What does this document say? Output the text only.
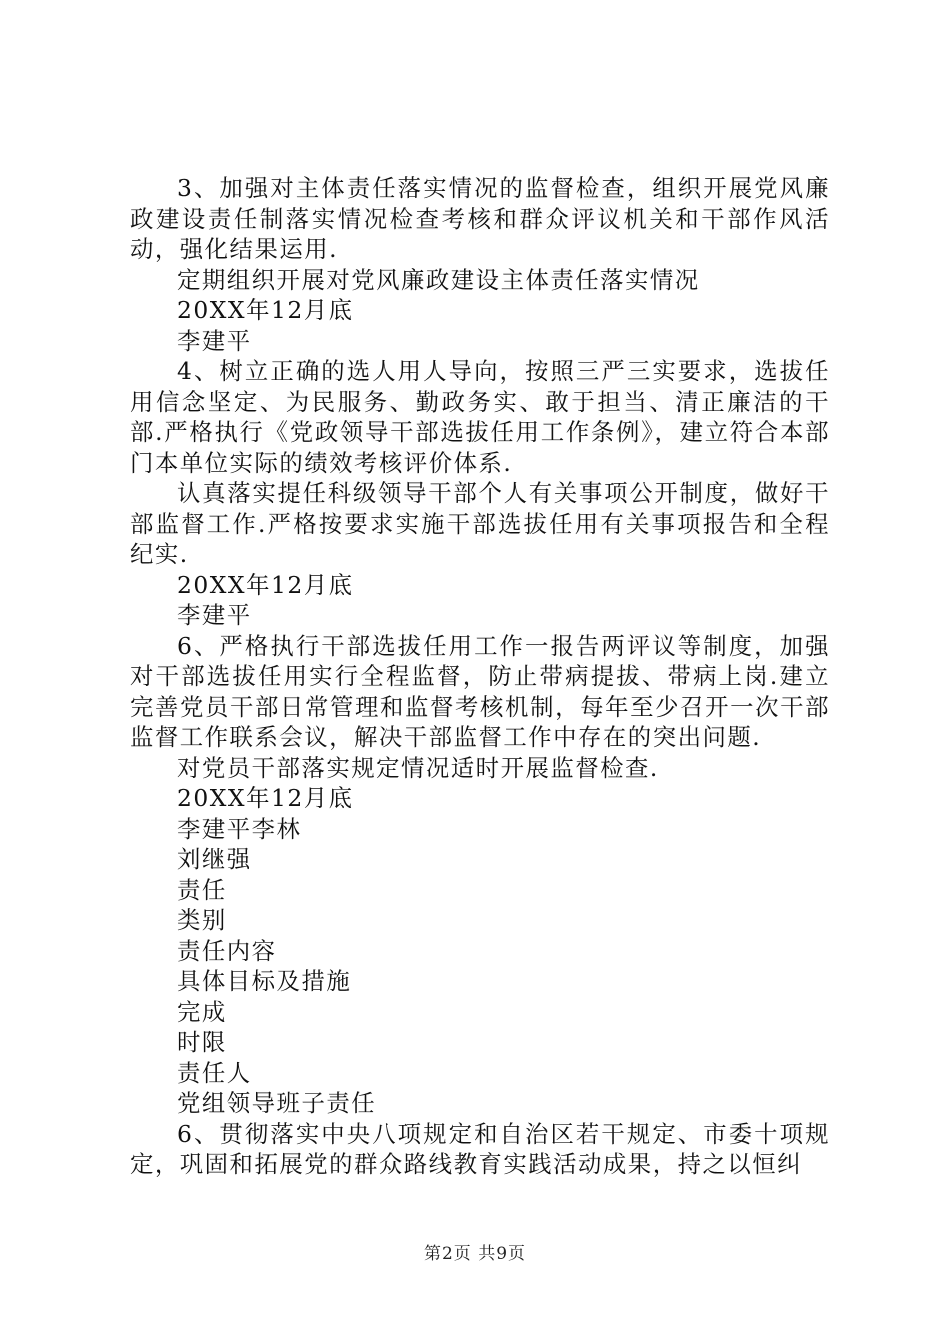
3、加强对主体责任落实情况的监督检查，组织开展党风廉政建设责任制落实情况检查考核和群众评议机关和干部作风活动，强化结果运用.

定期组织开展对党风廉政建设主体责任落实情况

20XX年12月底

李建平

4、树立正确的选人用人导向，按照三严三实要求，选拔任用信念坚定、为民服务、勤政务实、敢于担当、清正廉洁的干部.严格执行《党政领导干部选拔任用工作条例》，建立符合本部门本单位实际的绩效考核评价体系.

认真落实提任科级领导干部个人有关事项公开制度，做好干部监督工作.严格按要求实施干部选拔任用有关事项报告和全程纪实.

20XX年12月底

李建平

6、严格执行干部选拔任用工作一报告两评议等制度，加强对干部选拔任用实行全程监督，防止带病提拔、带病上岗.建立完善党员干部日常管理和监督考核机制，每年至少召开一次干部监督工作联系会议，解决干部监督工作中存在的突出问题.

对党员干部落实规定情况适时开展监督检查.

20XX年12月底

李建平李林

刘继强

责任

类别

责任内容

具体目标及措施

完成

时限

责任人

党组领导班子责任

6、贯彻落实中央八项规定和自治区若干规定、市委十项规定，巩固和拓展党的群众路线教育实践活动成果，持之以恒纠

第2页 共9页
